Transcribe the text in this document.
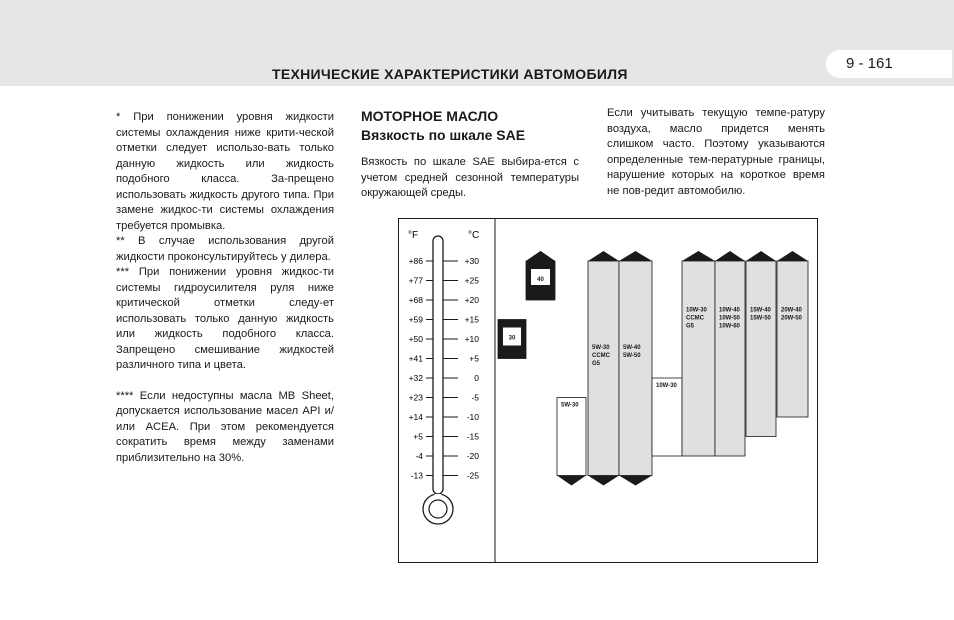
ТЕХНИЧЕСКИЕ ХАРАКТЕРИСТИКИ АВТОМОБИЛЯ
9 - 161

* При понижении уровня жидкости системы охлаждения ниже крити-ческой отметки следует использо-вать только данную жидкость или жидкость подобного класса. За-прещено использовать жидкость другого типа. При замене жидкос-ти системы охлаждения требуется промывка.

** В случае использования другой жидкости проконсультируйтесь у дилера.

*** При понижении уровня жидкос-ти системы гидроусилителя руля ниже критической отметки следу-ет использовать только данную жидкость или жидкость подобного класса. Запрещено смешивание жидкостей различного типа и цвета.

**** Если недоступны масла MB Sheet, допускается использование масел API и/или ACEA. При этом рекомендуется сократить время между заменами приблизительно на 30%.

МОТОРНОЕ МАСЛО
Вязкость по шкале SAE
Вязкость по шкале SAE выбира-ется с учетом средней сезонной температуры окружающей среды.
Если учитывать текущую темпе-ратуру воздуха, масло придется менять слишком часто. Поэтому указываются определенные тем-пературные границы, нарушение которых на короткое время не пов-редит автомобилю.
°F	°C
+86	+30
+77	+25
+68	+20
+59	+15
+50	+10
+41	+5
+32	0
+23	-5
+14	-10
+5	-15
-4	-20
-13	-25
30
40
5W-30
5W-30
CCMC
G5
5W-40
5W-50
10W-30
10W-30
CCMC
G5
10W-40
10W-50
10W-60
15W-40
15W-50
20W-40
20W-50
